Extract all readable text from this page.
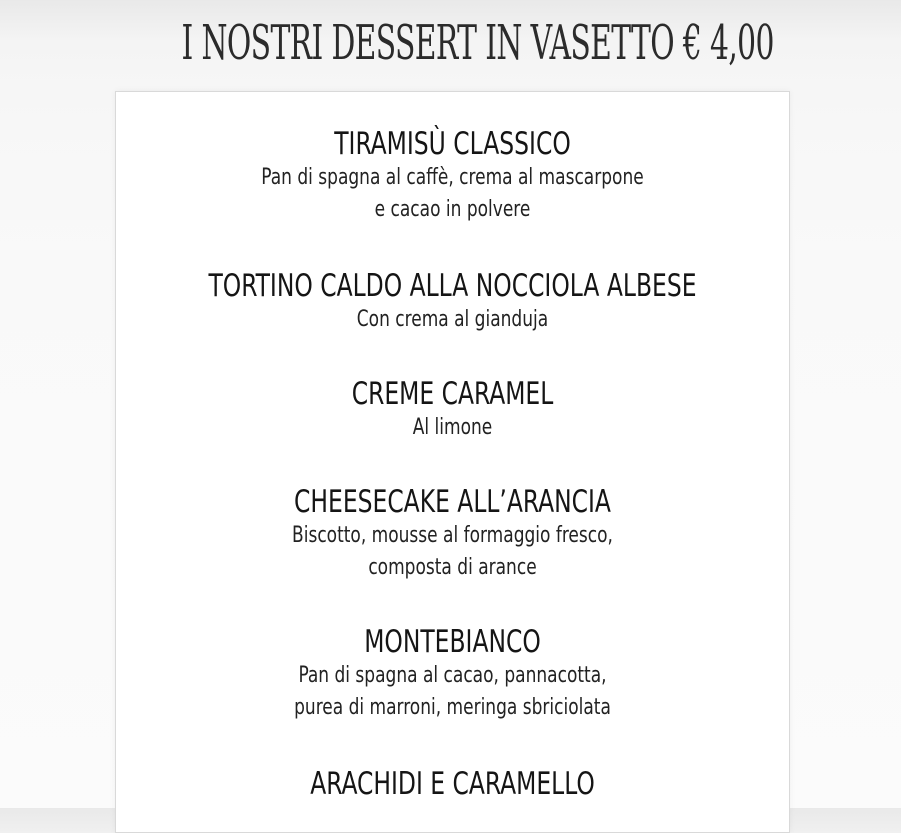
I NOSTRI DESSERT IN VASETTO € 4,00
TIRAMISÙ CLASSICO
Pan di spagna al caffè, crema al mascarpone
e cacao in polvere
TORTINO CALDO ALLA NOCCIOLA ALBESE
Con crema al gianduja
CREME CARAMEL
Al limone
CHEESECAKE ALL’ARANCIA
Biscotto, mousse al formaggio fresco,
composta di arance
MONTEBIANCO
Pan di spagna al cacao, pannacotta,
purea di marroni, meringa sbriciolata
ARACHIDI E CARAMELLO
